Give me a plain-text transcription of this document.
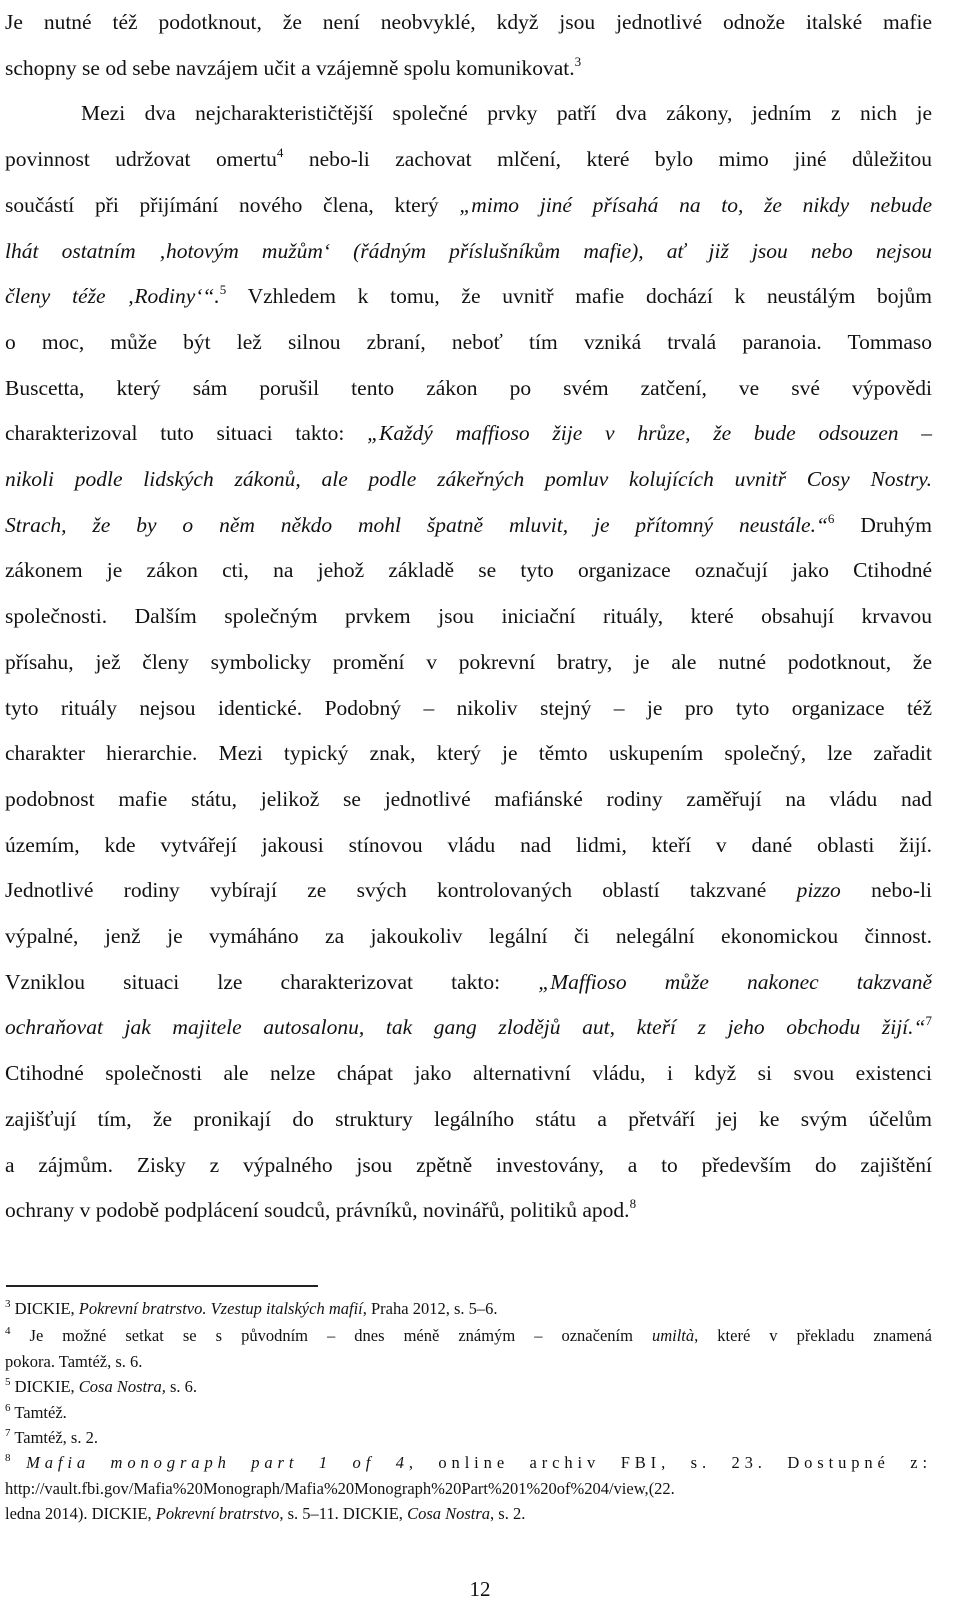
Je nutné též podotknout, že není neobvyklé, když jsou jednotlivé odnože italské mafie
schopny se od sebe navzájem učit a vzájemně spolu komunikovat.$^3$
Mezi dva nejcharakterističtější společné prvky patří dva zákony, jedním z nich je
povinnost udržovat omertu$^4$ nebo-li zachovat mlčení, které bylo mimo jiné důležitou
součástí při přijímání nového člena, který „mimo jiné přísahá na to, že nikdy nebude
lhát ostatním ‚hotovým mužům‘ (řádným příslušníkům mafie), ať již jsou nebo nejsou
členy téže ‚Rodiny‘“.$^5$ Vzhledem k tomu, že uvnitř mafie dochází k neustálým bojům
o moc, může být lež silnou zbraní, neboť tím vzniká trvalá paranoia. Tommaso
Buscetta, který sám porušil tento zákon po svém zatčení, ve své výpovědi
charakterizoval tuto situaci takto: „Každý maffioso žije v hrůze, že bude odsouzen –
nikoli podle lidských zákonů, ale podle zákeřných pomluv kolujících uvnitř Cosy Nostry.
Strach, že by o něm někdo mohl špatně mluvit, je přítomný neustále.“$^6$ Druhým
zákonem je zákon cti, na jehož základě se tyto organizace označují jako Ctihodné
společnosti. Dalším společným prvkem jsou iniciační rituály, které obsahují krvavou
přísahu, jež členy symbolicky promění v pokrevní bratry, je ale nutné podotknout, že
tyto rituály nejsou identické. Podobný – nikoliv stejný – je pro tyto organizace též
charakter hierarchie. Mezi typický znak, který je těmto uskupením společný, lze zařadit
podobnost mafie státu, jelikož se jednotlivé mafiánské rodiny zaměřují na vládu nad
územím, kde vytvářejí jakousi stínovou vládu nad lidmi, kteří v dané oblasti žijí.
Jednotlivé rodiny vybírají ze svých kontrolovaných oblastí takzvané pizzo nebo-li
výpalné, jenž je vymáháno za jakoukoliv legální či nelegální ekonomickou činnost.
Vzniklou situaci lze charakterizovat takto: „Maffioso může nakonec takzvaně
ochraňovat jak majitele autosalonu, tak gang zlodějů aut, kteří z jeho obchodu žijí.“$^7$
Ctihodné společnosti ale nelze chápat jako alternativní vládu, i když si svou existenci
zajišťují tím, že pronikají do struktury legálního státu a přetváří jej ke svým účelům
a zájmům. Zisky z výpalného jsou zpětně investovány, a to především do zajištění
ochrany v podobě podplácení soudců, právníků, novinářů, politiků apod.$^8$
$^3$ DICKIE, Pokrevní bratrstvo. Vzestup italských mafií, Praha 2012, s. 5–6.
$^4$ Je možné setkat se s původním – dnes méně známým – označením umiltà, které v překladu znamená
pokora. Tamtéž, s. 6.
$^5$ DICKIE, Cosa Nostra, s. 6.
$^6$ Tamtéž.
$^7$ Tamtéž, s. 2.
$^8$ Mafia monograph part 1 of 4, online archiv FBI, s. 23. Dostupné z:
http://vault.fbi.gov/Mafia%20Monograph/Mafia%20Monograph%20Part%201%20of%204/view,(22.
ledna 2014). DICKIE, Pokrevní bratrstvo, s. 5–11. DICKIE, Cosa Nostra, s. 2.
12
